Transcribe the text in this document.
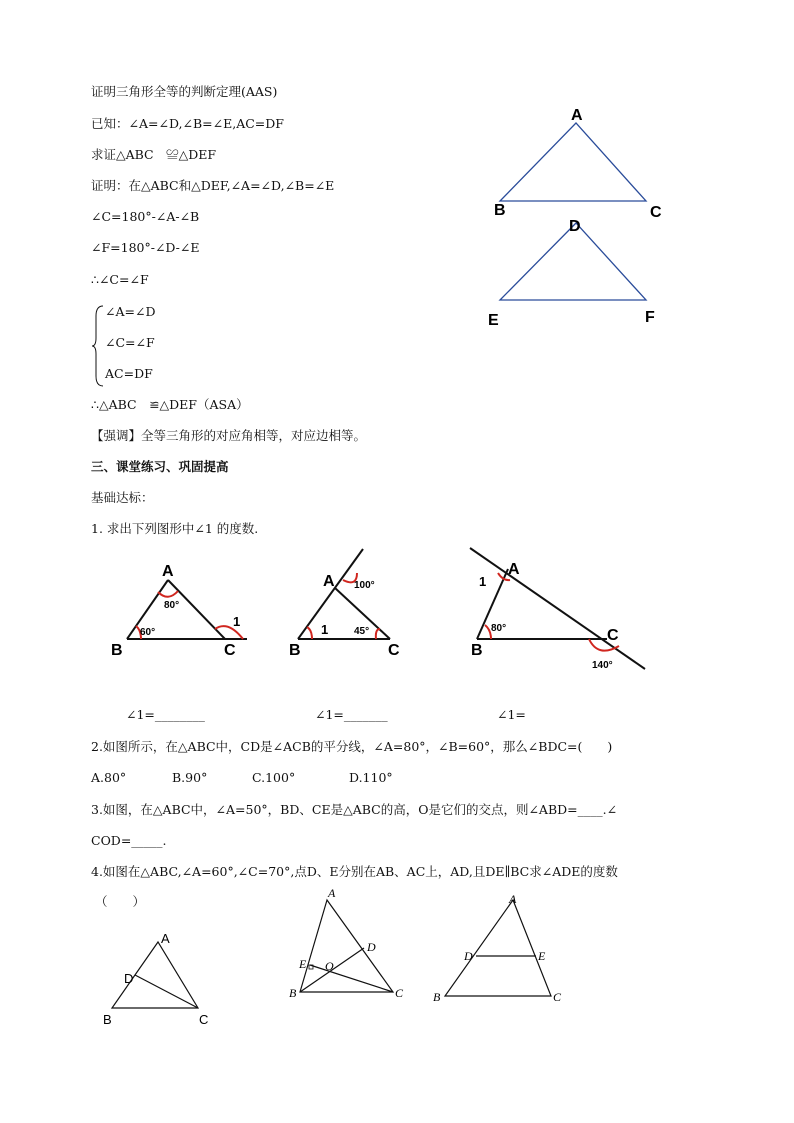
证明三角形全等的判断定理(AAS)
已知：∠A=∠D,∠B=∠E,AC=DF
求证△ABC　≌△DEF
证明：在△ABC和△DEF,∠A=∠D,∠B=∠E
∠C=180°-∠A-∠B
∠F=180°-∠D-∠E
∴∠C=∠F
∠A=∠D
∠C=∠F
AC=DF
∴△ABC　≌△DEF（ASA）
【强调】全等三角形的对应角相等，对应边相等。
三、课堂练习、巩固提高
基础达标：
1. 求出下列图形中∠1 的度数.
A
B	C
D
E	F
A
B	C
80°
60°
1
A
B	C
100°
45°
1
A
B
C
80°
140°
1
∠1=________	∠1=_______	∠1=
2.如图所示，在△ABC中，CD是∠ACB的平分线，∠A=80°，∠B=60°，那么∠BDC=(　　)
A.80°	B.90°	C.100°	D.110°
3.如图，在△ABC中，∠A=50°，BD、CE是△ABC的高，O是它们的交点，则∠ABD=____.∠
COD=_____.
4.如图在△ABC,∠A=60°,∠C=70°,点D、E分别在AB、AC上，AD,且DE∥BC求∠ADE的度数
（　　）
A
D
B	C
A
D
E O
B	C
A
D	E
B	C
